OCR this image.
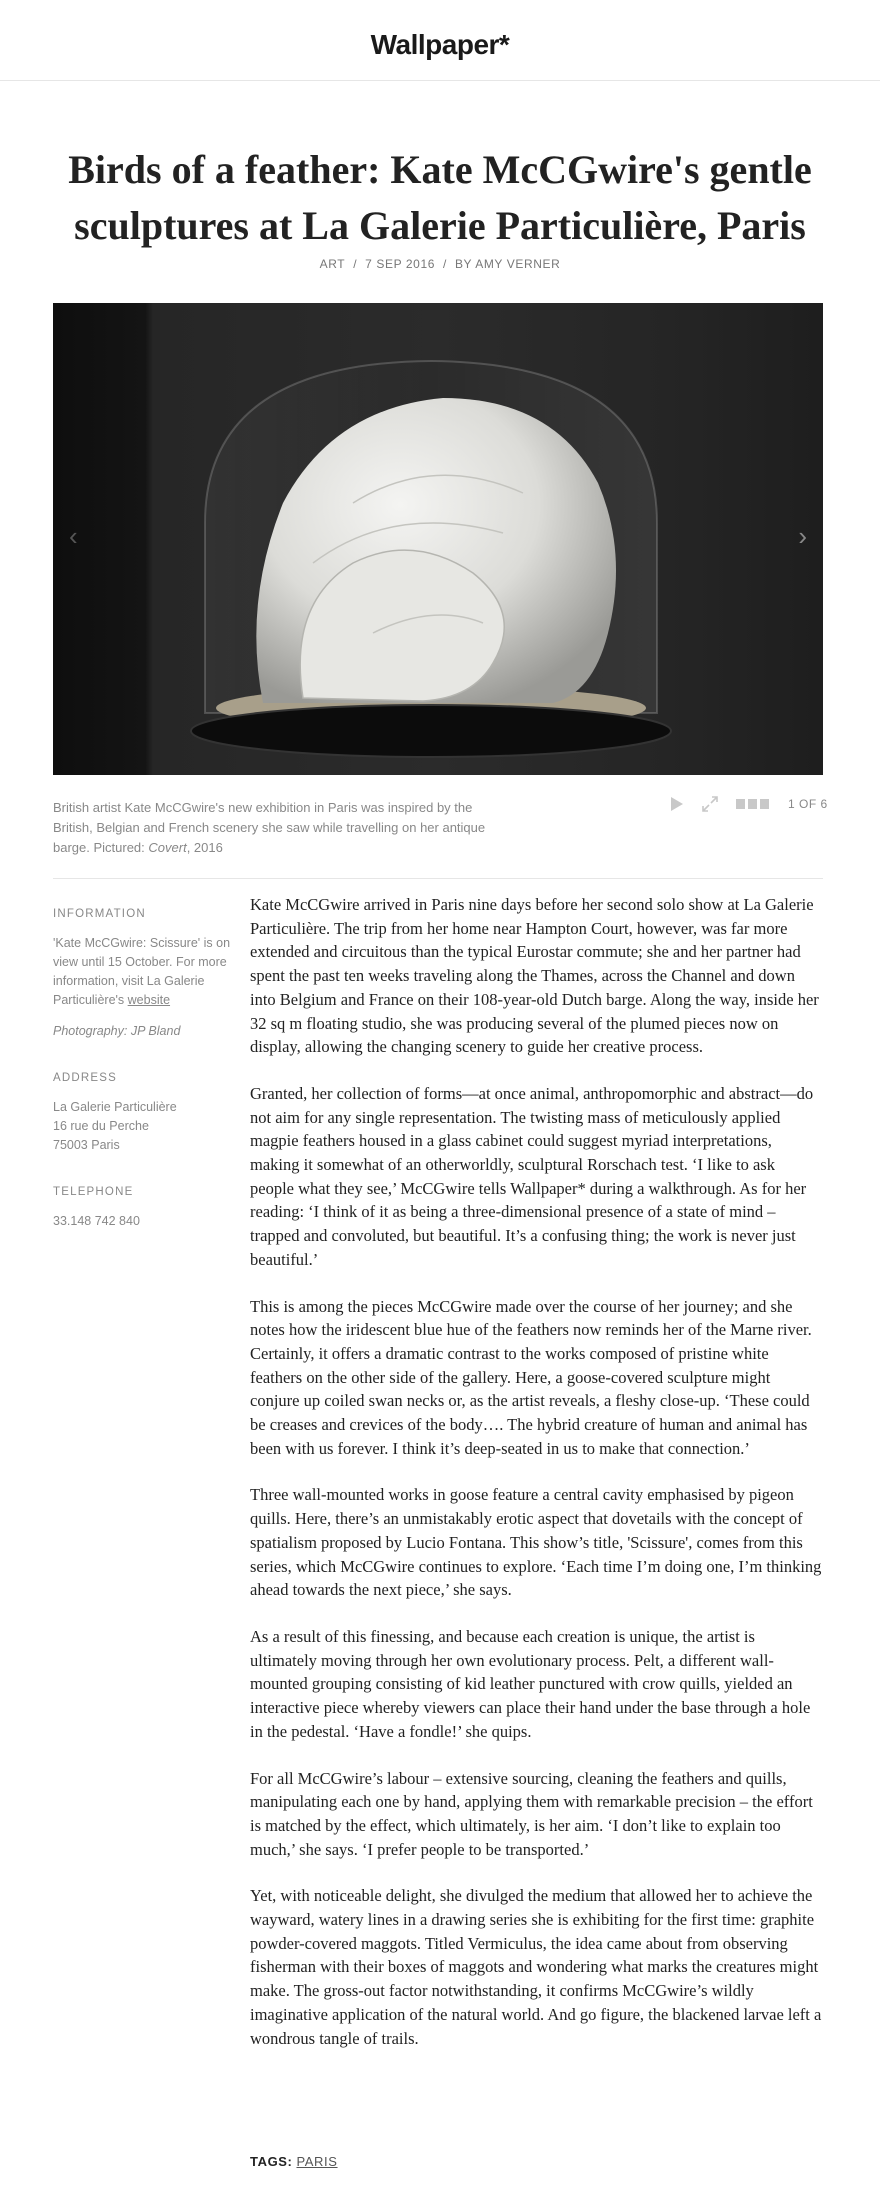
Wallpaper*
Birds of a feather: Kate McCGwire's gentle sculptures at La Galerie Particulière, Paris
ART / 7 SEP 2016 / BY AMY VERNER
‹	›
British artist Kate McCGwire's new exhibition in Paris was inspired by the British, Belgian and French scenery she saw while travelling on her antique barge. Pictured: Covert, 2016
1 OF 6
INFORMATION

'Kate McCGwire: Scissure' is on view until 15 October. For more information, visit La Galerie Particulière's website

Photography: JP Bland

ADDRESS
La Galerie Particulière
16 rue du Perche
75003 Paris
TELEPHONE
33.148 742 840

Kate McCGwire arrived in Paris nine days before her second solo show at La Galerie Particulière. The trip from her home near Hampton Court, however, was far more extended and circuitous than the typical Eurostar commute; she and her partner had spent the past ten weeks traveling along the Thames, across the Channel and down into Belgium and France on their 108-year-old Dutch barge. Along the way, inside her 32 sq m floating studio, she was producing several of the plumed pieces now on display, allowing the changing scenery to guide her creative process.

Granted, her collection of forms—at once animal, anthropomorphic and abstract—do not aim for any single representation. The twisting mass of meticulously applied magpie feathers housed in a glass cabinet could suggest myriad interpretations, making it somewhat of an otherworldly, sculptural Rorschach test. ‘I like to ask people what they see,’ McCGwire tells Wallpaper* during a walkthrough. As for her reading: ‘I think of it as being a three-dimensional presence of a state of mind – trapped and convoluted, but beautiful. It’s a confusing thing; the work is never just beautiful.’

This is among the pieces McCGwire made over the course of her journey; and she notes how the iridescent blue hue of the feathers now reminds her of the Marne river. Certainly, it offers a dramatic contrast to the works composed of pristine white feathers on the other side of the gallery. Here, a goose-covered sculpture might conjure up coiled swan necks or, as the artist reveals, a fleshy close-up. ‘These could be creases and crevices of the body…. The hybrid creature of human and animal has been with us forever. I think it’s deep-seated in us to make that connection.’

Three wall-mounted works in goose feature a central cavity emphasised by pigeon quills. Here, there’s an unmistakably erotic aspect that dovetails with the concept of spatialism proposed by Lucio Fontana. This show’s title, 'Scissure', comes from this series, which McCGwire continues to explore. ‘Each time I’m doing one, I’m thinking ahead towards the next piece,’ she says.

As a result of this finessing, and because each creation is unique, the artist is ultimately moving through her own evolutionary process. Pelt, a different wall-mounted grouping consisting of kid leather punctured with crow quills, yielded an interactive piece whereby viewers can place their hand under the base through a hole in the pedestal. ‘Have a fondle!’ she quips.

For all McCGwire’s labour – extensive sourcing, cleaning the feathers and quills, manipulating each one by hand, applying them with remarkable precision – the effort is matched by the effect, which ultimately, is her aim. ‘I don’t like to explain too much,’ she says. ‘I prefer people to be transported.’

Yet, with noticeable delight, she divulged the medium that allowed her to achieve the wayward, watery lines in a drawing series she is exhibiting for the first time: graphite powder-covered maggots. Titled Vermiculus, the idea came about from observing fisherman with their boxes of maggots and wondering what marks the creatures might make. The gross-out factor notwithstanding, it confirms McCGwire’s wildly imaginative application of the natural world. And go figure, the blackened larvae left a wondrous tangle of trails.

TAGS: PARIS
